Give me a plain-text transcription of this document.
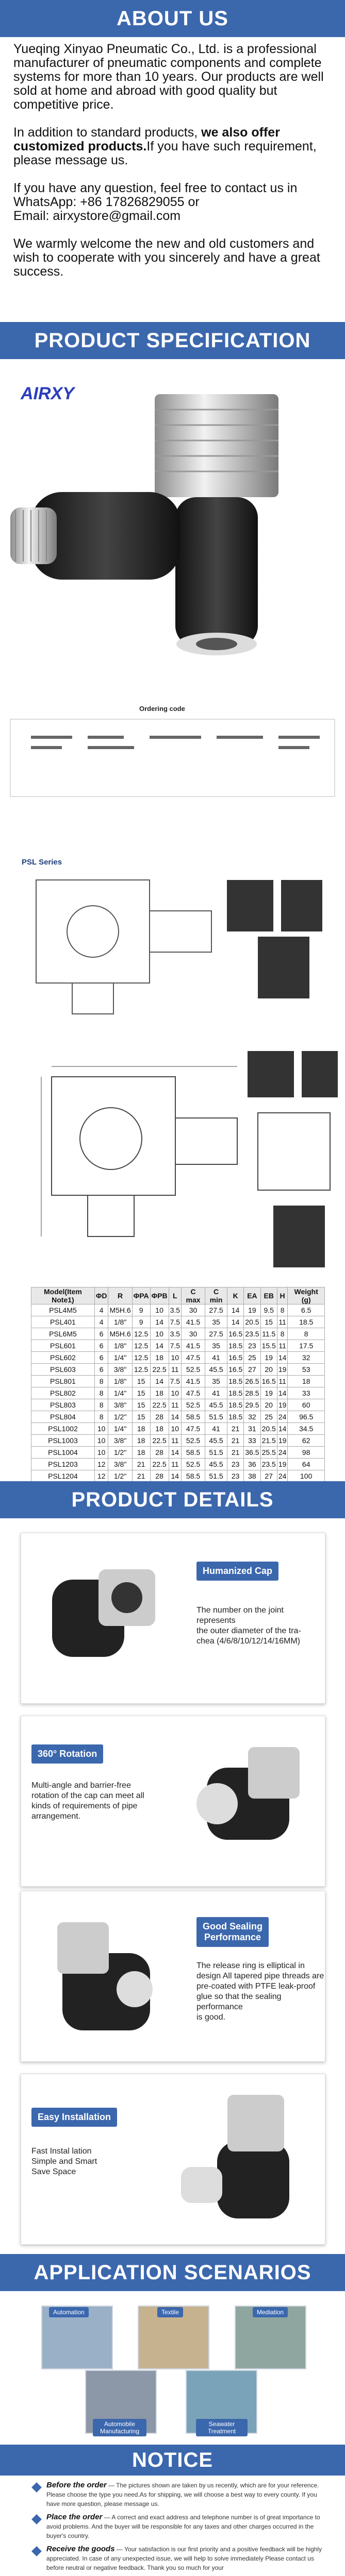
ABOUT US

Yueqing Xinyao Pneumatic Co., Ltd. is a professional manufacturer of pneumatic components and complete systems for more than 10 years. Our products are well sold at home and abroad with good quality but competitive price.

In addition to standard products, we also offer customized products.If you have such requirement, please message us.

If you have any question, feel free to contact us in
WhatsApp: +86 17826829055 or
Email: airxystore@gmail.com

We warmly welcome the new and old customers and wish to cooperate with you sincerely and have a great success.

PRODUCT SPECIFICATION
AIRXY
Ordering code
PSL Series
Model(Item Note1)	ΦD	R	ΦPA	ΦPB	L	C max	C min	K	EA	EB	H	Weight (g)
PSL4M5	4	M5H.6	9	10	3.5	30	27.5	14	19	9.5	8	6.5
PSL401	4	1/8"	9	14	7.5	41.5	35	14	20.5	15	11	18.5
PSL6M5	6	M5H.6	12.5	10	3.5	30	27.5	16.5	23.5	11.5	8	8
PSL601	6	1/8"	12.5	14	7.5	41.5	35	18.5	23	15.5	11	17.5
PSL602	6	1/4"	12.5	18	10	47.5	41	16.5	25	19	14	32
PSL603	6	3/8"	12.5	22.5	11	52.5	45.5	16.5	27	20	19	53
PSL801	8	1/8"	15	14	7.5	41.5	35	18.5	26.5	16.5	11	18
PSL802	8	1/4"	15	18	10	47.5	41	18.5	28.5	19	14	33
PSL803	8	3/8"	15	22.5	11	52.5	45.5	18.5	29.5	20	19	60
PSL804	8	1/2"	15	28	14	58.5	51.5	18.5	32	25	24	96.5
PSL1002	10	1/4"	18	18	10	47.5	41	21	31	20.5	14	34.5
PSL1003	10	3/8"	18	22.5	11	52.5	45.5	21	33	21.5	19	62
PSL1004	10	1/2"	18	28	14	58.5	51.5	21	36.5	25.5	24	98
PSL1203	12	3/8"	21	22.5	11	52.5	45.5	23	36	23.5	19	64
PSL1204	12	1/2"	21	28	14	58.5	51.5	23	38	27	24	100
PRODUCT DETAILS
Humanized Cap
The number on the joint represents
the outer diameter of the tra-
chea (4/6/8/10/12/14/16MM)
360° Rotation
Multi-angle and barrier-free
rotation of the cap can meet all
kinds of requirements of pipe
arrangement.
Good Sealing
Performance
The release ring is elliptical in
design All tapered pipe threads are
pre-coated with PTFE leak-proof
glue so that the sealing performance
is good.
Easy Installation
Fast Instal lation
Simple and Smart
Save Space
APPLICATION SCENARIOS
Automation	Textile	Mediation
Automobile Manufacturing
Seawater Treatment
NOTICE
Before the order — The pictures shown are taken by us recently, which are for your reference. Please choose the type you need.As for shipping, we will choose a best way to every county. If you have more question, please message us.
Place the order — A correct and exact address and telephone number is of great importance to avoid problems. And the buyer will be responsible for any taxes and other charges occurred in the buyer's country.
Receive the goods — Your satisfaction is our first priority and a positive feedback will be highly appreciated. In case of any unexpected issue, we will help to solve immediately Please contact us before neutral or negative feedback. Thank you so much for your
